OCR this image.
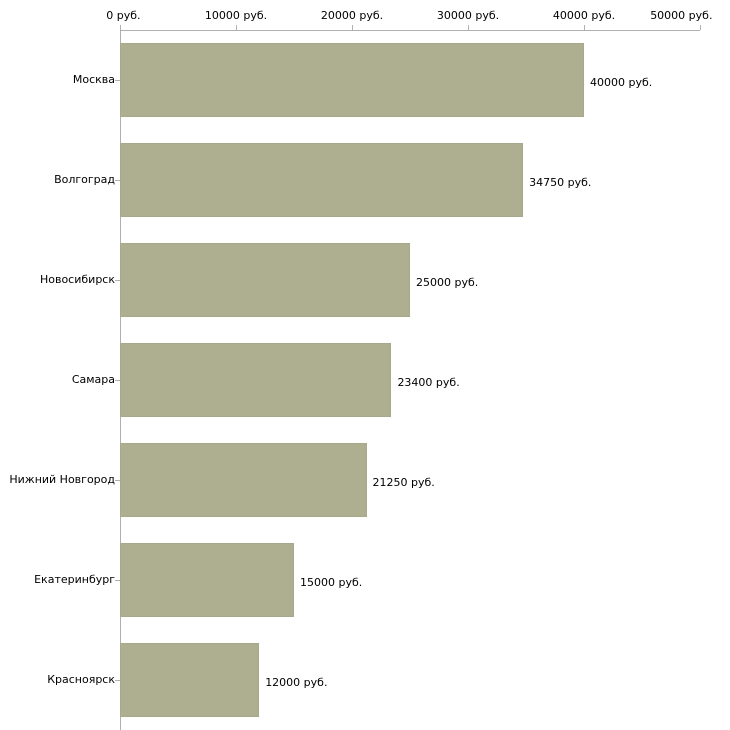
0 руб.	10000 руб.	20000 руб.	30000 руб.	40000 руб.	50000 руб.
Москва
Волгоград
Новосибирск
Самара
Нижний Новгород
Екатеринбург
Красноярск
40000 руб.
34750 руб.
25000 руб.
23400 руб.
21250 руб.
15000 руб.
12000 руб.
